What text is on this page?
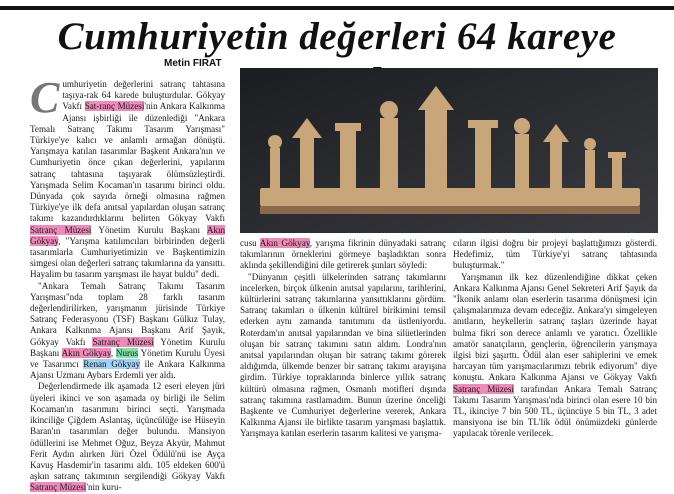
Cumhuriyetin değerleri 64 kareye
Metin FIRAT

Cumhuriyetin değerlerini satranç tahtasına taşıya-rak 64 karede buluşturdular. Gökyay Vakfı Sat-ranç Müzesi'nin Ankara Kalkınma Ajansı işbirliği ile düzenlediği "Ankara Temalı Satranç Takımı Tasarım Yarışması" Türkiye'ye kalıcı ve anlamlı armağan dönüştü. Yarışmaya katılan tasarımlar Başkent Ankara'nın ve Cumhuriyetin önce çıkan değerlerini, yapılarını satranç tahtasına taşıyarak ölümsüzleştirdi. Yarışmada Selim Kocaman'ın tasarımı birinci oldu. Dünyada çok sayıda örneği olmasına rağmen Türkiye'ye ilk defa anıtsal yapılardan oluşan satranç takımı kazandırdıklarını belirten Gökyay Vakfı Satranç Müzesi Yönetim Kurulu Başkanı Akın Gökyay, "Yarışma katılımcıları birbirinden değerli tasarımlarla Cumhuriyetimizin ve Başkentimizin simgesi olan değerleri satranç takımlarına da yansıttı. Hayalim bu tasarım yarışması ile hayat buldu" dedi.

"Ankara Temalı Satranç Takımı Tasarım Yarışması"nda toplam 28 farklı tasarım değerlendirilirken, yarışmanın jürisinde Türkiye Satranç Federasyonu (TSF) Başkanı Gülkız Tulay, Ankara Kalkınma Ajansı Başkanı Arif Şayık, Gökyay Vakfı Satranç Müzesi Yönetim Kurulu Başkanı Akın Gökyay, Nurus Yönetim Kurulu Üyesi ve Tasarımcı Renan Gökyay ile Ankara Kalkınma Ajansı Uzmanı Aybars Erdemli yer aldı.

Değerlendirmede ilk aşamada 12 eseri eleyen jüri üyeleri ikinci ve son aşamada oy birliği ile Selim Kocaman'ın tasarımını birinci seçti. Yarışmada ikinciliğe Çiğdem Aslantaş, üçüncülüğe ise Hüseyin Baran'ın tasarımları değer bulundu. Mansiyon ödüllerini ise Mehmet Oğuz, Beyza Akyür, Mahmut Ferit Aydın alırken Jüri Özel Ödülü'nü ise Ayça Kavuş Hasdemir'in tasarımı aldı. 105 eldeken 600'ü aşkın satranç takımının sergilendiği Gökyay Vakfı Satranç Müzesi'nin kuru-

cusu Akın Gökyay, yarışma fikrinin dünyadaki satranç takımlarının örneklerini görmeye başladıktan sonra aklında şekillendiğini dile getirerek şunları söyledi:

"Dünyanın çeşitli ülkelerinden satranç takımlarını incelerken, birçok ülkenin anıtsal yapılarını, tarihlerini, kültürlerini satranç takımlarına yansıttıklarını gördüm. Satranç takımları o ülkenin kültürel birikimini temsil ederken aynı zamanda tanıtımını da üstleniyordu. Roterdam'ın anıtsal yapılarından ve bina silüetlerinden oluşan bir satranç takımını satın aldım. Londra'nın anıtsal yapılarından oluşan bir satranç takımı görerek aldığımda, ülkemde benzer bir satranç takımı arayışına girdim. Türkiye topraklarında binlerce yıllık satranç kültürü olmasına rağmen, Osmanlı motifleri dışında satranç takımına rastlamadım. Bunun üzerine önceliği Başkente ve Cumhuriyet değerlerine vererek, Ankara Kalkınma Ajansı ile birlikte tasarım yarışması başlattık. Yarışmaya katılan eserlerin tasarım kalitesi ve yarışma-

cıların ilgisi doğru bir projeyi başlattığımızı gösterdi. Hedefimiz, tüm Türkiye'yi satranç tahtasında buluşturmak."

Yarışmanın ilk kez düzenlendiğine dikkat çeken Ankara Kalkınma Ajansı Genel Sekreteri Arif Şayık da "İkonik anlamı olan eserlerin tasarıma dönüşmesi için çalışmalarımıza devam edeceğiz. Ankara'yı simgeleyen anıtların, heykellerin satranç taşları üzerinde hayat bulma fikri son derece anlamlı ve yaratıcı. Özellikle amatör sanatçıların, gençlerin, öğrencilerin yarışmaya ilgisi bizi şaşırttı. Ödül alan eser sahiplerini ve emek harcayan tüm yarışmacılarımızı tebrik ediyorum" diye konuştu. Ankara Kalkınma Ajansı ve Gökyay Vakfı Satranç Müzesi tarafından Ankara Temalı Satranç Takımı Tasarım Yarışması'nda birinci olan esere 10 bin TL, ikinciye 7 bin 500 TL, üçüncüye 5 bin TL, 3 adet mansiyona ise bin TL'lik ödül önümüzdeki günlerde yapılacak törenle verilecek.
